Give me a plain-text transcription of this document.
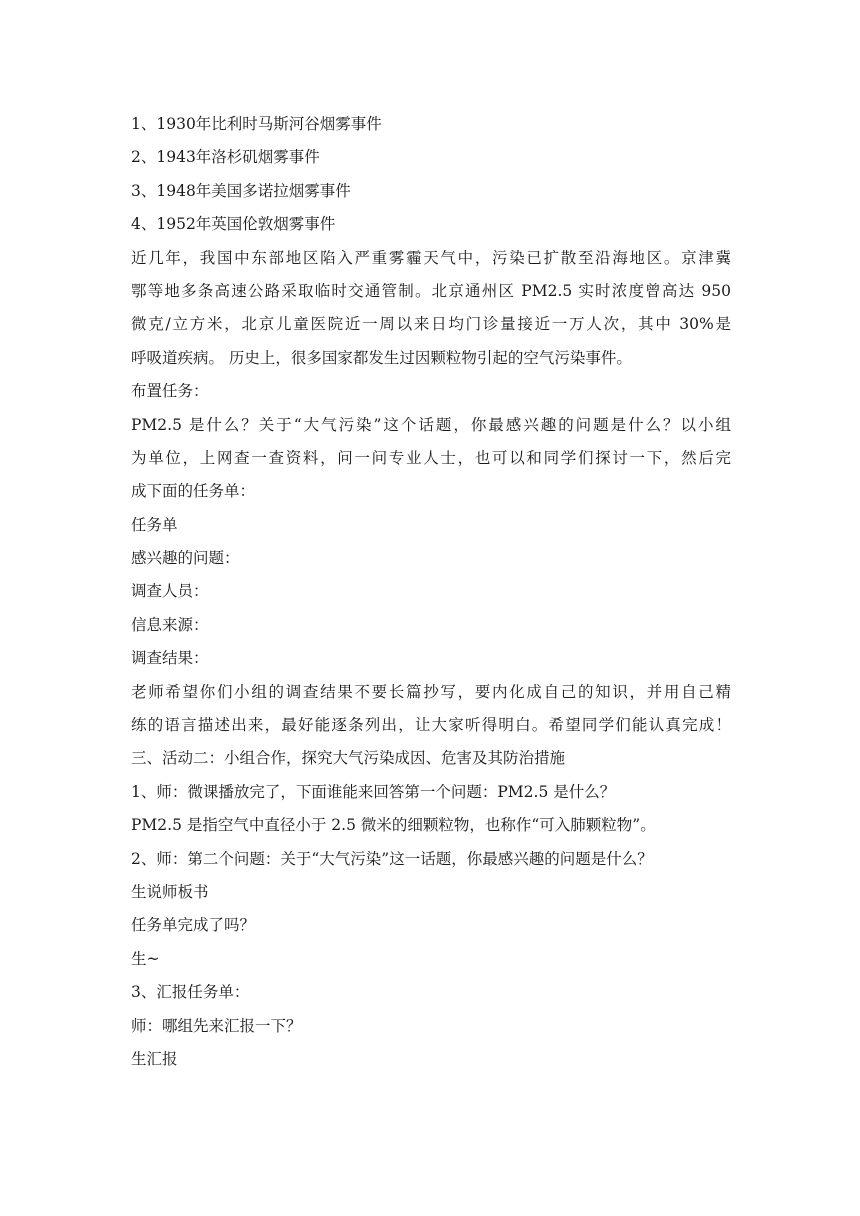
1、1930年比利时马斯河谷烟雾事件
2、1943年洛杉矶烟雾事件
3、1948年美国多诺拉烟雾事件
4、1952年英国伦敦烟雾事件
近几年，我国中东部地区陷入严重雾霾天气中，污染已扩散至沿海地区。京津冀
鄂等地多条高速公路采取临时交通管制。北京通州区 PM2.5 实时浓度曾高达 950
微克/立方米，北京儿童医院近一周以来日均门诊量接近一万人次，其中 30%是
呼吸道疾病。 历史上，很多国家都发生过因颗粒物引起的空气污染事件。
布置任务：
PM2.5 是什么？关于“大气污染”这个话题，你最感兴趣的问题是什么？以小组
为单位，上网查一查资料，问一问专业人士，也可以和同学们探讨一下，然后完
成下面的任务单：
任务单
感兴趣的问题：
调查人员：
信息来源：
调查结果：
老师希望你们小组的调查结果不要长篇抄写，要内化成自己的知识，并用自己精
练的语言描述出来，最好能逐条列出，让大家听得明白。希望同学们能认真完成！
三、活动二：小组合作，探究大气污染成因、危害及其防治措施
1、师：微课播放完了，下面谁能来回答第一个问题：PM2.5 是什么？
PM2.5 是指空气中直径小于 2.5 微米的细颗粒物，也称作“可入肺颗粒物”。
2、师：第二个问题：关于“大气污染”这一话题，你最感兴趣的问题是什么？
生说师板书
任务单完成了吗？
生~
3、汇报任务单：
师：哪组先来汇报一下？
生汇报
